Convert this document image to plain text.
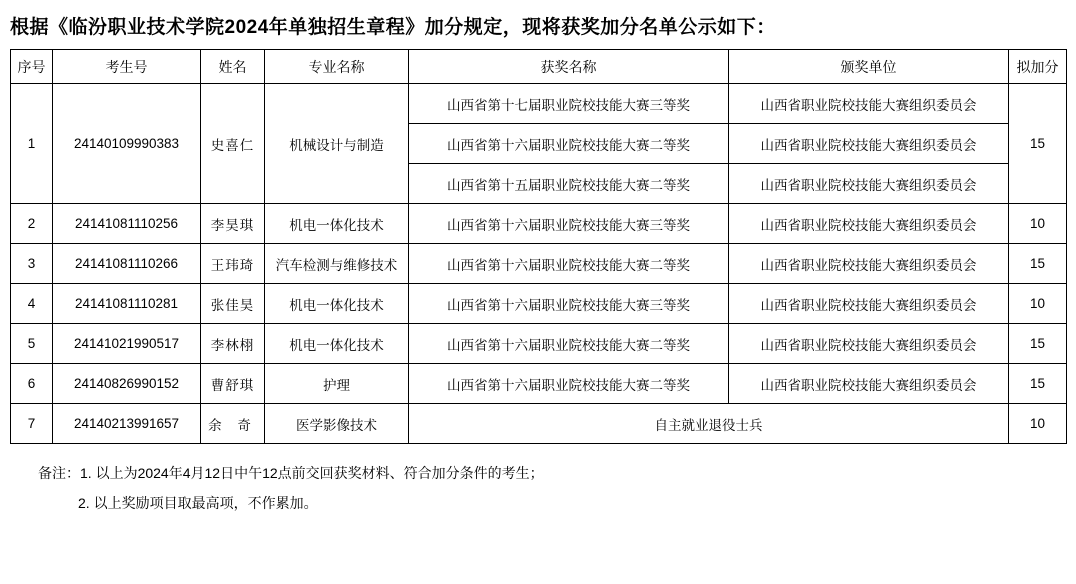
根据《临汾职业技术学院2024年单独招生章程》加分规定，现将获奖加分名单公示如下：
序号	考生号	姓名	专业名称	获奖名称	颁奖单位	拟加分
1	24140109990383	史喜仁	机械设计与制造	山西省第十七届职业院校技能大赛三等奖	山西省职业院校技能大赛组织委员会	15
				山西省第十六届职业院校技能大赛二等奖	山西省职业院校技能大赛组织委员会	
				山西省第十五届职业院校技能大赛二等奖	山西省职业院校技能大赛组织委员会	
2	24141081110256	李昊琪	机电一体化技术	山西省第十六届职业院校技能大赛三等奖	山西省职业院校技能大赛组织委员会	10
3	24141081110266	王玮琦	汽车检测与维修技术	山西省第十六届职业院校技能大赛二等奖	山西省职业院校技能大赛组织委员会	15
4	24141081110281	张佳昊	机电一体化技术	山西省第十六届职业院校技能大赛三等奖	山西省职业院校技能大赛组织委员会	10
5	24141021990517	李林栩	机电一体化技术	山西省第十六届职业院校技能大赛二等奖	山西省职业院校技能大赛组织委员会	15
6	24140826990152	曹舒琪	护理	山西省第十六届职业院校技能大赛二等奖	山西省职业院校技能大赛组织委员会	15
7	24140213991657	余 奇	医学影像技术	自主就业退役士兵		10
备注：1. 以上为2024年4月12日中午12点前交回获奖材料、符合加分条件的考生；
2. 以上奖励项目取最高项，不作累加。
